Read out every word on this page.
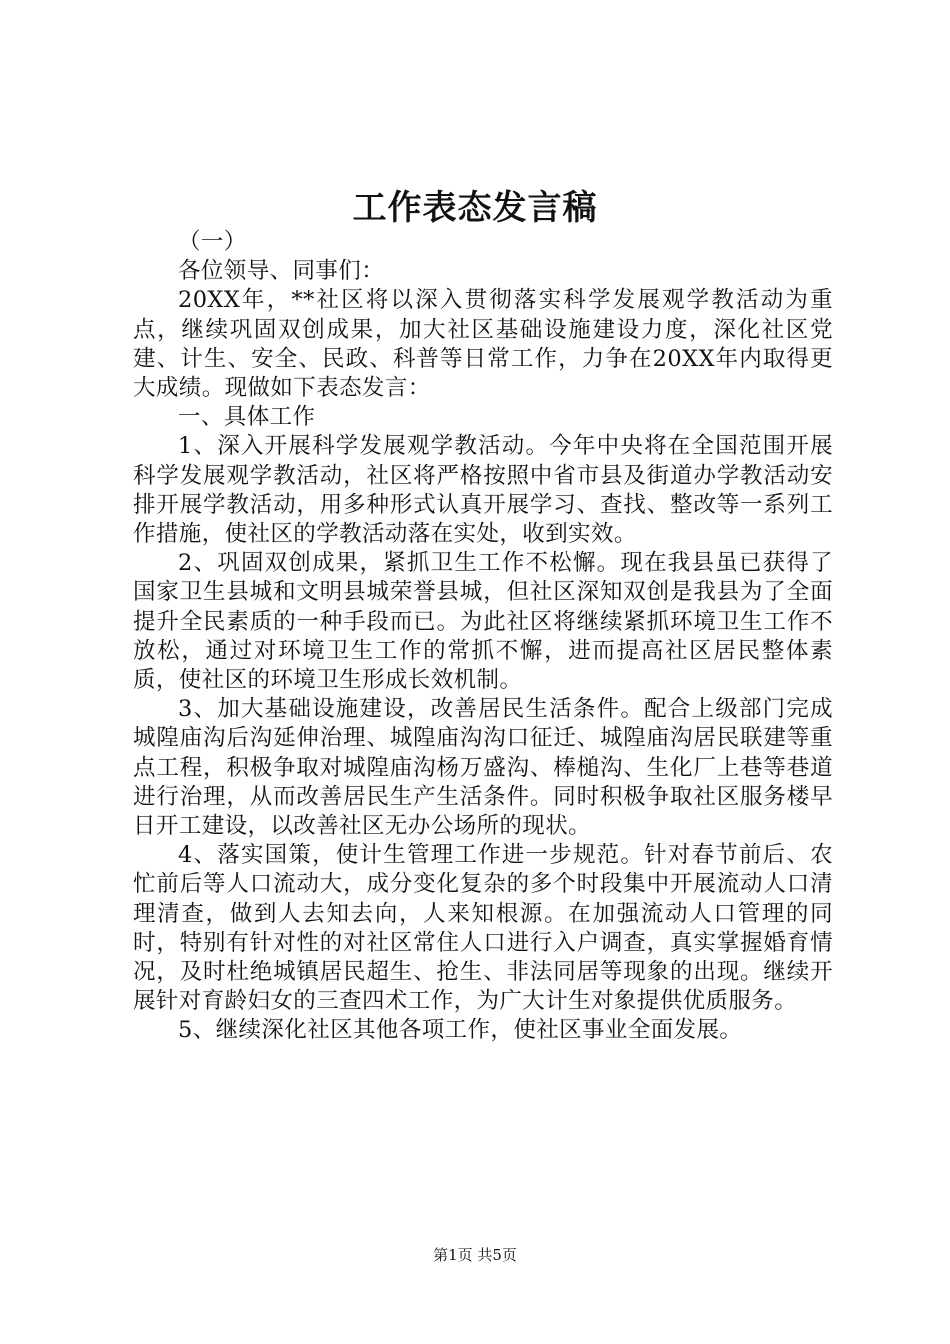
工作表态发言稿

（一）

各位领导、同事们：

20XX年，**社区将以深入贯彻落实科学发展观学教活动为重点，继续巩固双创成果，加大社区基础设施建设力度，深化社区党建、计生、安全、民政、科普等日常工作，力争在20XX年内取得更大成绩。现做如下表态发言：

一、具体工作

1、深入开展科学发展观学教活动。今年中央将在全国范围开展科学发展观学教活动，社区将严格按照中省市县及街道办学教活动安排开展学教活动，用多种形式认真开展学习、查找、整改等一系列工作措施，使社区的学教活动落在实处，收到实效。

2、巩固双创成果，紧抓卫生工作不松懈。现在我县虽已获得了国家卫生县城和文明县城荣誉县城，但社区深知双创是我县为了全面提升全民素质的一种手段而已。为此社区将继续紧抓环境卫生工作不放松，通过对环境卫生工作的常抓不懈，进而提高社区居民整体素质，使社区的环境卫生形成长效机制。

3、加大基础设施建设，改善居民生活条件。配合上级部门完成城隍庙沟后沟延伸治理、城隍庙沟沟口征迁、城隍庙沟居民联建等重点工程，积极争取对城隍庙沟杨万盛沟、棒槌沟、生化厂上巷等巷道进行治理，从而改善居民生产生活条件。同时积极争取社区服务楼早日开工建设，以改善社区无办公场所的现状。

4、落实国策，使计生管理工作进一步规范。针对春节前后、农忙前后等人口流动大，成分变化复杂的多个时段集中开展流动人口清理清查，做到人去知去向，人来知根源。在加强流动人口管理的同时，特别有针对性的对社区常住人口进行入户调查，真实掌握婚育情况，及时杜绝城镇居民超生、抢生、非法同居等现象的出现。继续开展针对育龄妇女的三查四术工作，为广大计生对象提供优质服务。

5、继续深化社区其他各项工作，使社区事业全面发展。

第1页 共5页
